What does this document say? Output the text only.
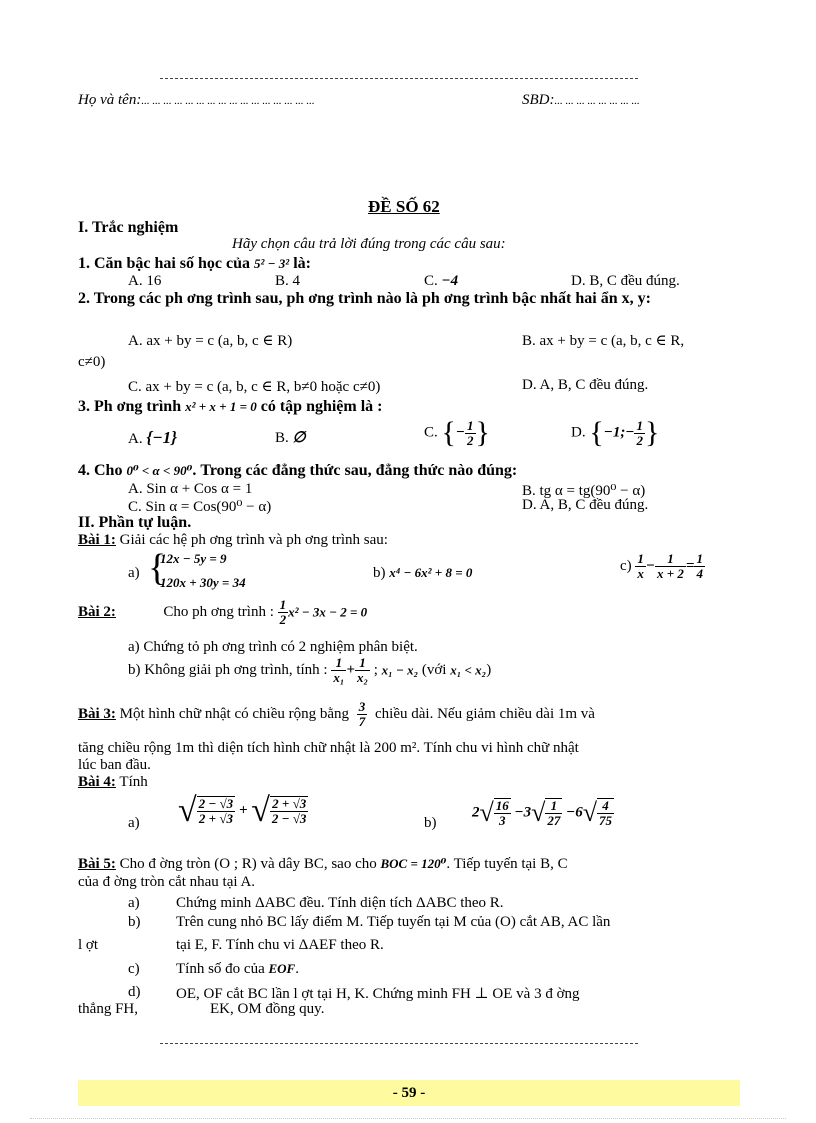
Họ và tên:... ... ... ... ... ... ... ... ... ... ... ... ... ... ... ...	SBD:... ... ... ... ... ... ... ...
ĐỀ SỐ 62
I. Trắc nghiệm
Hãy chọn câu trả lời đúng trong các câu sau:
1. Căn bậc hai số học của 5² − 3² là:
A. 16	B. 4	C. −4	D. B, C đều đúng.
2. Trong các ph ơng trình sau, ph ơng trình nào là ph ơng trình bậc nhất hai ẩn x, y:
A. ax + by = c (a, b, c ∈ R)	B. ax + by = c (a, b, c ∈ R,
c≠0)
C. ax + by = c (a, b, c ∈ R, b≠0 hoặc c≠0)	D. A, B, C đều đúng.
3. Ph ơng trình x² + x + 1 = 0 có tập nghiệm là :
A. {−1}	B. ∅	C. {− $\frac{1}{2}$ }	D. {−1;− $\frac{1}{2}$ }
4. Cho 0⁰ < α < 90⁰. Trong các đẳng thức sau, đẳng thức nào đúng:
A. Sin α + Cos α = 1	B. tg α = tg(90⁰ − α)
C. Sin α = Cos(90⁰ − α)	D. A, B, C đều đúng.
II. Phần tự luận.
Bài 1: Giải các hệ ph ơng trình và ph ơng trình sau:
a) {
12x − 5y = 9
120x + 30y = 34
b) x⁴ − 6x² + 8 = 0	$c) \frac{1}{x} - \frac{1}{x + 2} = \frac{1}{4}$
Bài 2:	Cho ph ơng trình : $\frac{1}{2} x^2 - 3x - 2 = 0$
a) Chứng tỏ ph ơng trình có 2 nghiệm phân biệt.
b) Không giải ph ơng trình, tính : $\frac{1}{\text{x₁}} + \frac{1}{\text{x₂}}$ ; x₁ − x₂ (với x₁ < x₂)
Bài 3: Một hình chữ nhật có chiều rộng bằng $\frac{3}{7}$ chiều dài. Nếu giảm chiều dài 1m và
tăng chiều rộng 1m thì diện tích hình chữ nhật là 200 m². Tính chu vi hình chữ nhật
lúc ban đầu.
Bài 4: Tính
a) √ $\frac{2 - √3}{2 + √3}$ + √ $\frac{2 + √3}{2 - √3}$	b)
$2√ \frac{16}{3} -3√ \frac{1}{27} -6√ \frac{4}{75}$
Bài 5: Cho đ ờng tròn (O ; R) và dây BC, sao cho BOC = 120⁰. Tiếp tuyến tại B, C
của đ ờng tròn cắt nhau tại A.
a) Chứng minh ΔABC đều. Tính diện tích ΔABC theo R.
b) Trên cung nhỏ BC lấy điểm M. Tiếp tuyến tại M của (O) cắt AB, AC lần
l ợt	tại E, F. Tính chu vi ΔAEF theo R.
c) Tính số đo của EOF.
d) OE, OF cắt BC lần l ợt tại H, K. Chứng minh FH ⊥ OE và 3 đ ờng
thẳng FH,	EK, OM đồng quy.
- 59 -
